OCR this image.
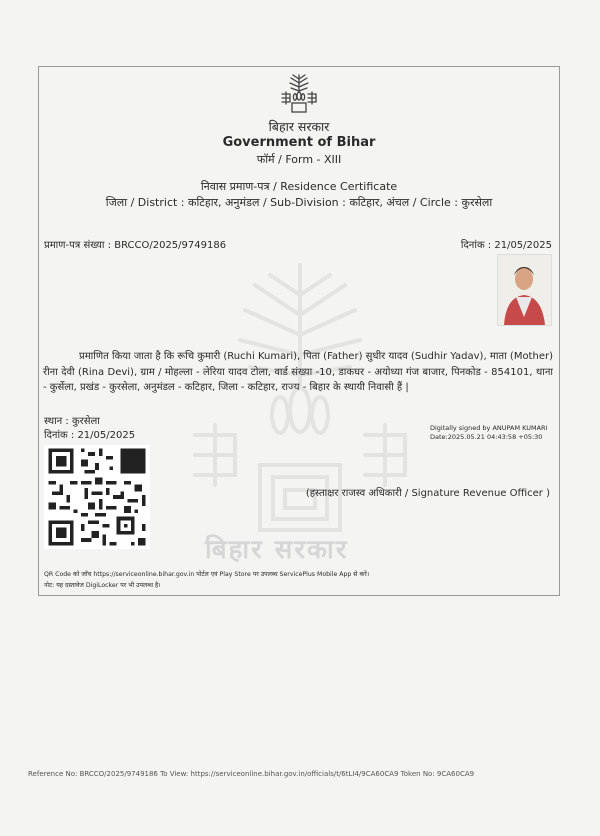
बिहार सरकार
बिहार सरकार
Government of Bihar
फॉर्म / Form - XIII
निवास प्रमाण-पत्र / Residence Certificate
जिला / District : कटिहार, अनुमंडल / Sub-Division : कटिहार, अंचल / Circle : कुरसेला
प्रमाण-पत्र संख्या : BRCCO/2025/9749186	दिनांक : 21/05/2025
प्रमाणित किया जाता है कि रूचि कुमारी (Ruchi Kumari), पिता (Father) सुधीर यादव (Sudhir Yadav), माता (Mother) रीना देवी (Rina Devi), ग्राम / मोहल्ला - लेरिया यादव टोला, वार्ड संख्या -10, डाकघर - अयोध्या गंज बाजार, पिनकोड - 854101, थाना - कुर्सेला, प्रखंड - कुरसेला, अनुमंडल - कटिहार, जिला - कटिहार, राज्य - बिहार के स्थायी निवासी हैं |
स्थान : कुरसेला
दिनांक : 21/05/2025
Digitally signed by ANUPAM KUMARI
Date:2025.05.21 04:43:58 +05:30
(हस्ताक्षर राजस्व अधिकारी / Signature Revenue Officer )
QR Code को जाँच https://serviceonline.bihar.gov.in पोर्टल एवं Play Store पर उपलब्ध ServicePlus Mobile App से करें।
नोट: यह दस्तावेज DigiLocker पर भी उपलब्ध है।
Reference No: BRCCO/2025/9749186 To View: https://serviceonline.bihar.gov.in/officials/t/6tLI4/9CA60CA9 Token No: 9CA60CA9
